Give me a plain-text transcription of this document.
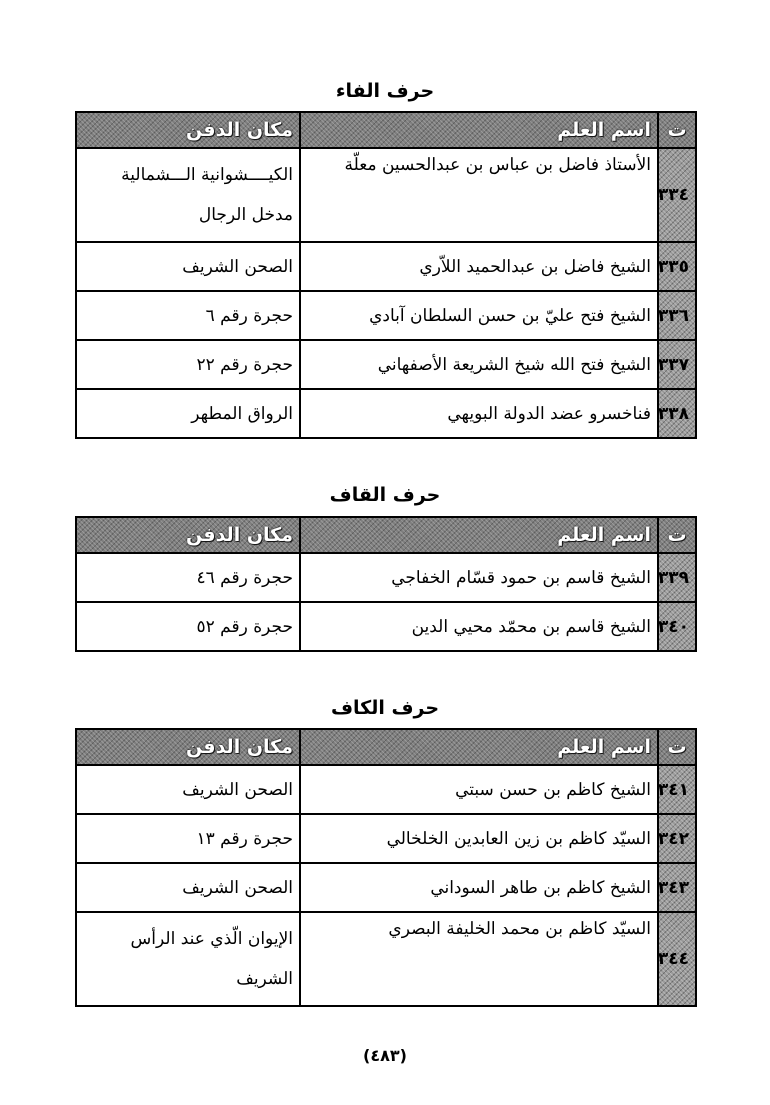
حرف الفاء
ت	اسم العلم	مكان الدفن
٣٣٤	الأستاذ فاضل بن عباس بن عبدالحسين معلّة	الكيــــشوانية الـــشمالية مدخل الرجال
٣٣٥	الشيخ فاضل بن عبدالحميد اللاّري	الصحن الشريف
٣٣٦	الشيخ فتح عليّ بن حسن السلطان آبادي	حجرة رقم ٦
٣٣٧	الشيخ فتح الله شيخ الشريعة الأصفهاني	حجرة رقم ٢٢
٣٣٨	فناخسرو عضد الدولة البويهي	الرواق المطهر
حرف القاف
ت	اسم العلم	مكان الدفن
٣٣٩	الشيخ قاسم بن حمود قسّام الخفاجي	حجرة رقم ٤٦
٣٤٠	الشيخ قاسم بن محمّد محيي الدين	حجرة رقم ٥٢
حرف الكاف
ت	اسم العلم	مكان الدفن
٣٤١	الشيخ كاظم بن حسن سبتي	الصحن الشريف
٣٤٢	السيّد كاظم بن زين العابدين الخلخالي	حجرة رقم ١٣
٣٤٣	الشيخ كاظم بن طاهر السوداني	الصحن الشريف
٣٤٤	السيّد كاظم بن محمد الخليفة البصري	الإيوان الّذي عند الرأس الشريف
(٤٨٣)
